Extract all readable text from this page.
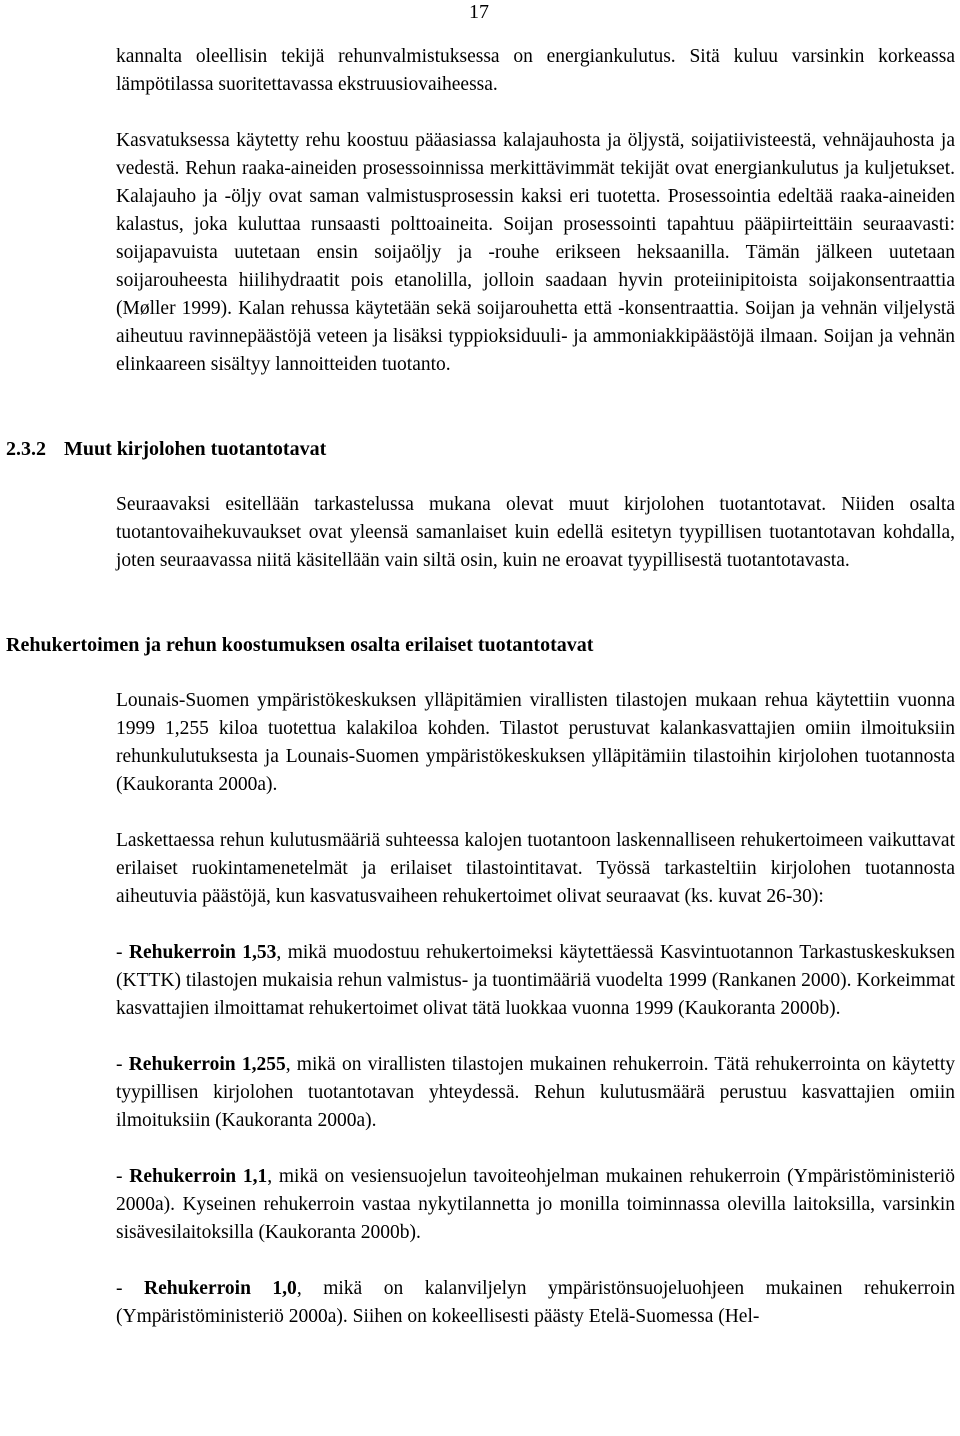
17

kannalta oleellisin tekijä rehunvalmistuksessa on energiankulutus. Sitä kuluu varsinkin korkeassa lämpötilassa suoritettavassa ekstruusiovaiheessa.

Kasvatuksessa käytetty rehu koostuu pääasiassa kalajauhosta ja öljystä, soijatiivisteestä, vehnäjauhosta ja vedestä. Rehun raaka-aineiden prosessoinnissa merkittävimmät tekijät ovat energiankulutus ja kuljetukset. Kalajauho ja -öljy ovat saman valmistusprosessin kaksi eri tuotetta. Prosessointia edeltää raaka-aineiden kalastus, joka kuluttaa runsaasti polttoaineita. Soijan prosessointi tapahtuu pääpiirteittäin seuraavasti: soijapavuista uutetaan ensin soijaöljy ja -rouhe erikseen heksaanilla. Tämän jälkeen uutetaan soijarouheesta hiilihydraatit pois etanolilla, jolloin saadaan hyvin proteiinipitoista soijakonsentraattia (Møller 1999). Kalan rehussa käytetään sekä soijarouhetta että -konsentraattia. Soijan ja vehnän viljelystä aiheutuu ravinnepäästöjä veteen ja lisäksi typpioksiduuli- ja ammoniakkipäästöjä ilmaan. Soijan ja vehnän elinkaareen sisältyy lannoitteiden tuotanto.

2.3.2 Muut kirjolohen tuotantotavat

Seuraavaksi esitellään tarkastelussa mukana olevat muut kirjolohen tuotantotavat. Niiden osalta tuotantovaihekuvaukset ovat yleensä samanlaiset kuin edellä esitetyn tyypillisen tuotantotavan kohdalla, joten seuraavassa niitä käsitellään vain siltä osin, kuin ne eroavat tyypillisestä tuotantotavasta.

Rehukertoimen ja rehun koostumuksen osalta erilaiset tuotantotavat

Lounais-Suomen ympäristökeskuksen ylläpitämien virallisten tilastojen mukaan rehua käytettiin vuonna 1999 1,255 kiloa tuotettua kalakiloa kohden. Tilastot perustuvat kalankasvattajien omiin ilmoituksiin rehunkulutuksesta ja Lounais-Suomen ympäristökeskuksen ylläpitämiin tilastoihin kirjolohen tuotannosta (Kaukoranta 2000a).

Laskettaessa rehun kulutusmääriä suhteessa kalojen tuotantoon laskennalliseen rehukertoimeen vaikuttavat erilaiset ruokintamenetelmät ja erilaiset tilastointitavat. Työssä tarkasteltiin kirjolohen tuotannosta aiheutuvia päästöjä, kun kasvatusvaiheen rehukertoimet olivat seuraavat (ks. kuvat 26-30):

- Rehukerroin 1,53, mikä muodostuu rehukertoimeksi käytettäessä Kasvintuotannon Tarkastuskeskuksen (KTTK) tilastojen mukaisia rehun valmistus- ja tuontimääriä vuodelta 1999 (Rankanen 2000). Korkeimmat kasvattajien ilmoittamat rehukertoimet olivat tätä luokkaa vuonna 1999 (Kaukoranta 2000b).

- Rehukerroin 1,255, mikä on virallisten tilastojen mukainen rehukerroin. Tätä rehukerrointa on käytetty tyypillisen kirjolohen tuotantotavan yhteydessä. Rehun kulutusmäärä perustuu kasvattajien omiin ilmoituksiin (Kaukoranta 2000a).

- Rehukerroin 1,1, mikä on vesiensuojelun tavoiteohjelman mukainen rehukerroin (Ympäristöministeriö 2000a). Kyseinen rehukerroin vastaa nykytilannetta jo monilla toiminnassa olevilla laitoksilla, varsinkin sisävesilaitoksilla (Kaukoranta 2000b).

- Rehukerroin 1,0, mikä on kalanviljelyn ympäristönsuojeluohjeen mukainen rehukerroin (Ympäristöministeriö 2000a). Siihen on kokeellisesti päästy Etelä-Suomessa (Hel-
